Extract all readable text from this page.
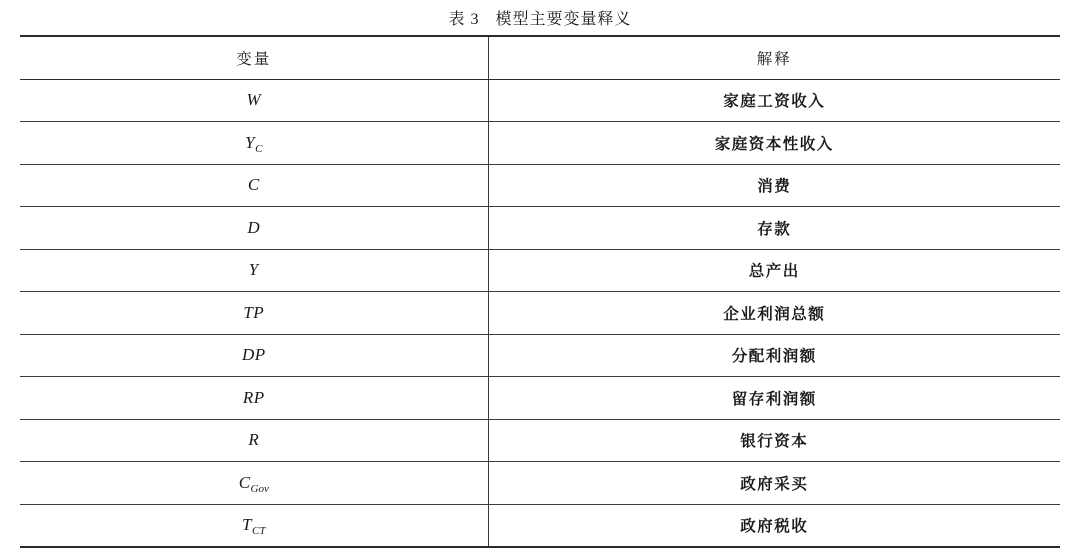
表 3 模型主要变量释义
变量	解释
W	家庭工资收入
$Y_C$	家庭资本性收入
C	消费
D	存款
Y	总产出
TP	企业利润总额
DP	分配利润额
RP	留存利润额
R	银行资本
$C_{Gov}$	政府采买
$T_{CT}$	政府税收
